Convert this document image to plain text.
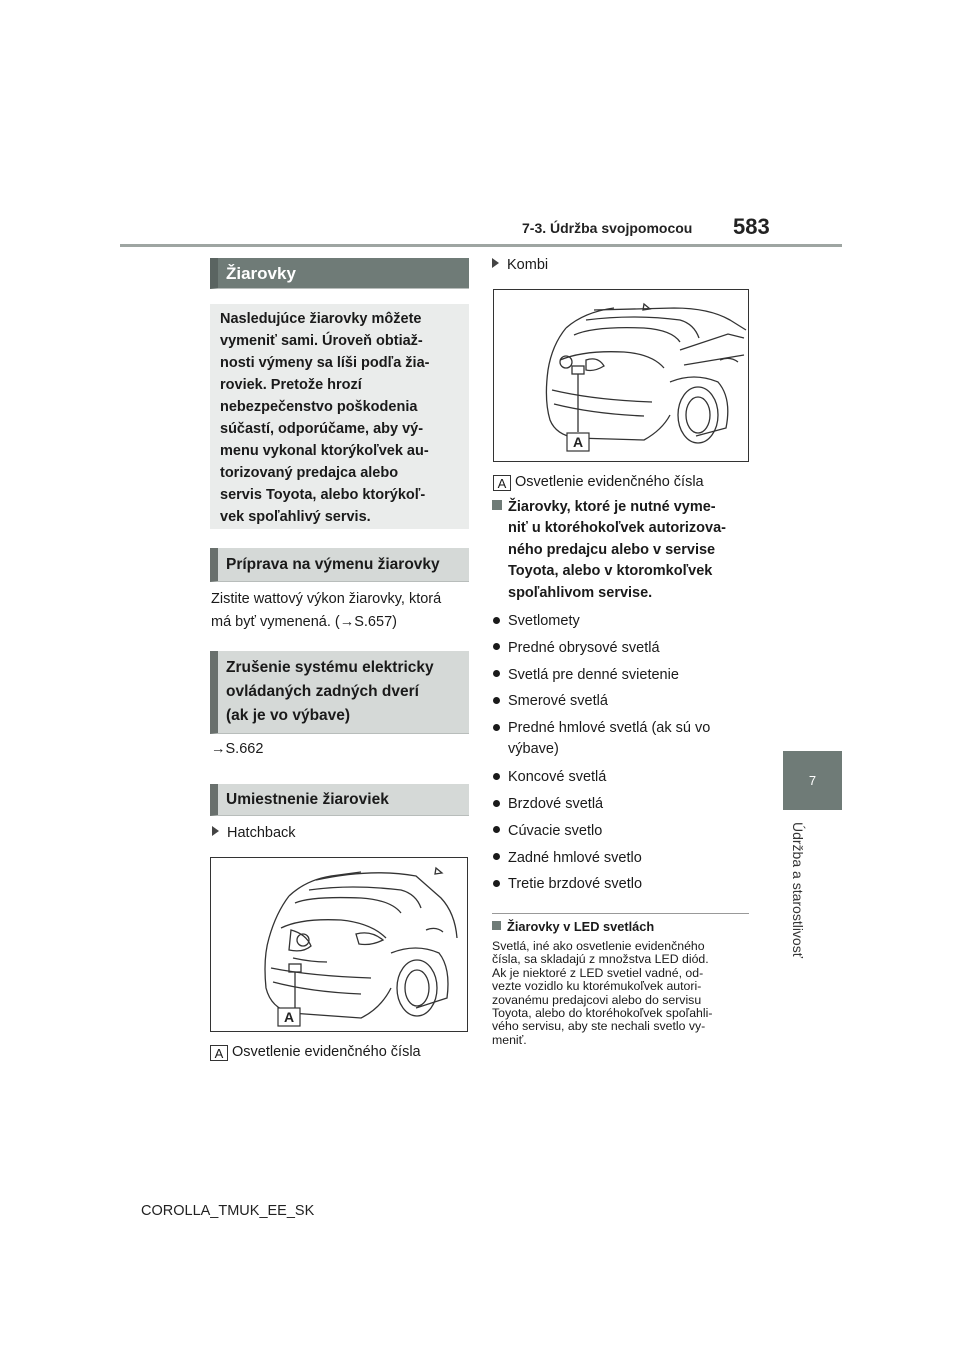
7-3. Údržba svojpomocou 583
7
Údržba a starostlivosť
Žiarovky
Nasledujúce žiarovky môžete
vymeniť sami. Úroveň obtiaž-
nosti výmeny sa líši podľa žia-
roviek. Pretože hrozí
nebezpečenstvo poškodenia
súčastí, odporúčame, aby vý-
menu vykonal ktorýkoľvek au-
torizovaný predajca alebo
servis Toyota, alebo ktorýkoľ-
vek spoľahlivý servis.
Príprava na výmenu žiarovky
Zistite wattový výkon žiarovky, ktorá
má byť vymenená. (→S.657)
Zrušenie systému elektricky
ovládaných zadných dverí
(ak je vo výbave)
→S.662
Umiestnenie žiaroviek
Hatchback
A
A Osvetlenie evidenčného čísla
Kombi
A
A Osvetlenie evidenčného čísla
Žiarovky, ktoré je nutné vyme-
niť u ktoréhokoľvek autorizova-
ného predajcu alebo v servise
Toyota, alebo v ktoromkoľvek
spoľahlivom servise.
Svetlomety
Predné obrysové svetlá
Svetlá pre denné svietenie
Smerové svetlá
Predné hmlové svetlá (ak sú vo
výbave)
Koncové svetlá
Brzdové svetlá
Cúvacie svetlo
Zadné hmlové svetlo
Tretie brzdové svetlo
Žiarovky v LED svetlách
Svetlá, iné ako osvetlenie evidenčného
čísla, sa skladajú z množstva LED diód.
Ak je niektoré z LED svetiel vadné, od-
vezte vozidlo ku ktorémukoľvek autori-
zovanému predajcovi alebo do servisu
Toyota, alebo do ktoréhokoľvek spoľahli-
vého servisu, aby ste nechali svetlo vy-
meniť.
COROLLA_TMUK_EE_SK
